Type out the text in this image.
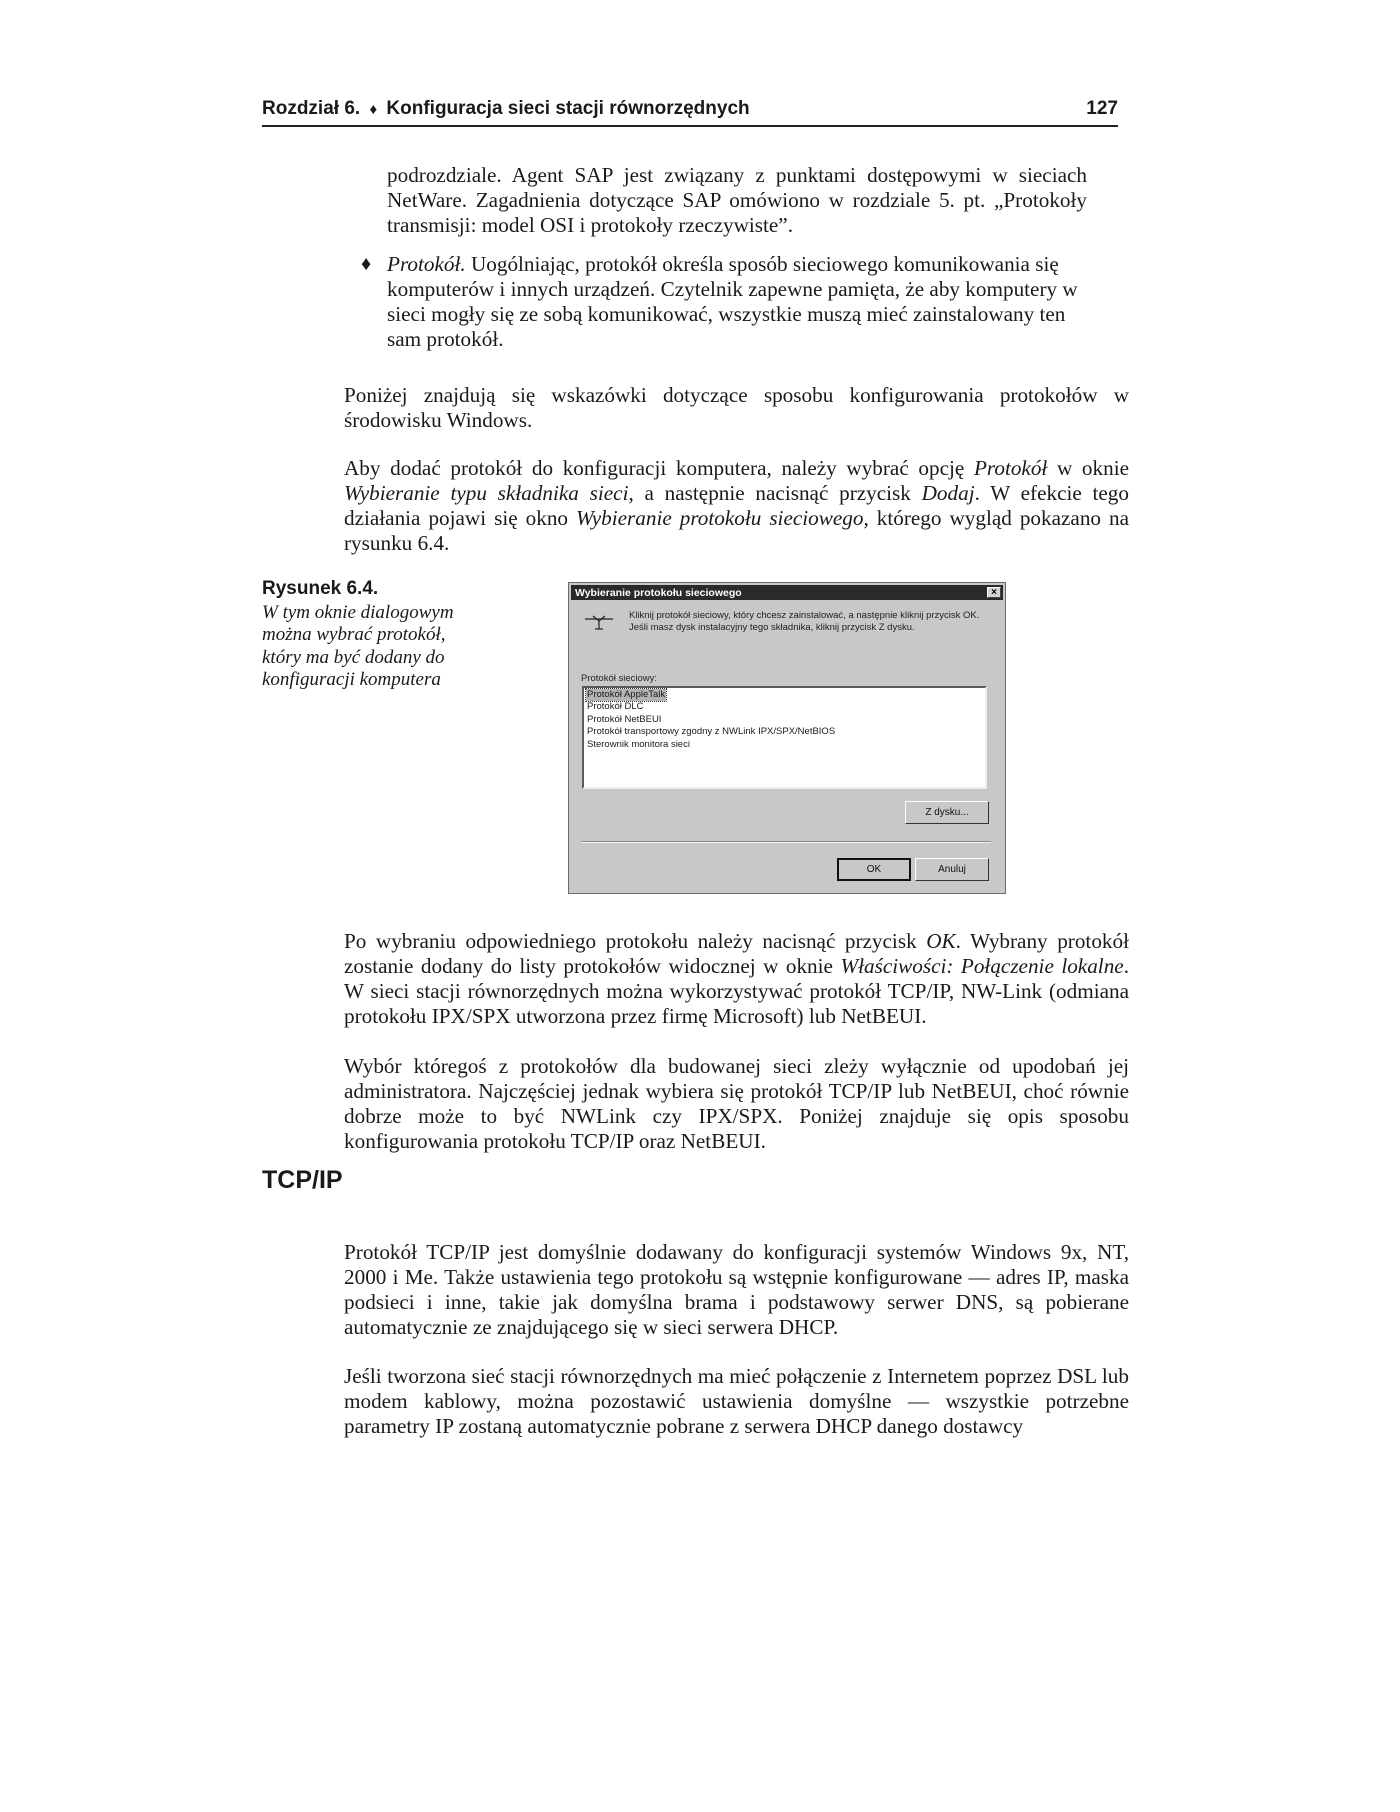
Rozdział 6. ♦ Konfiguracja sieci stacji równorzędnych	127

podrozdziale. Agent SAP jest związany z punktami dostępowymi w sieciach NetWare. Zagadnienia dotyczące SAP omówiono w rozdziale 5. pt. „Protokoły transmisji: model OSI i protokoły rzeczywiste”.

♦ Protokół. Uogólniając, protokół określa sposób sieciowego komunikowania się komputerów i innych urządzeń. Czytelnik zapewne pamięta, że aby komputery w sieci mogły się ze sobą komunikować, wszystkie muszą mieć zainstalowany ten sam protokół.

Poniżej znajdują się wskazówki dotyczące sposobu konfigurowania protokołów w środowisku Windows.

Aby dodać protokół do konfiguracji komputera, należy wybrać opcję Protokół w oknie Wybieranie typu składnika sieci, a następnie nacisnąć przycisk Dodaj. W efekcie tego działania pojawi się okno Wybieranie protokołu sieciowego, którego wygląd pokazano na rysunku 6.4.

Rysunek 6.4.
W tym oknie dialogowym można wybrać protokół, który ma być dodany do konfiguracji komputera
Wybieranie protokołu sieciowego	×
Kliknij protokół sieciowy, który chcesz zainstalować, a następnie kliknij przycisk OK. Jeśli masz dysk instalacyjny tego składnika, kliknij przycisk Z dysku.
Protokół sieciowy:
Protokół AppleTalk
Protokół DLC
Protokół NetBEUI
Protokół transportowy zgodny z NWLink IPX/SPX/NetBIOS
Sterownik monitora sieci
Z dysku...
OK	Anuluj

Po wybraniu odpowiedniego protokołu należy nacisnąć przycisk OK. Wybrany protokół zostanie dodany do listy protokołów widocznej w oknie Właściwości: Połączenie lokalne. W sieci stacji równorzędnych można wykorzystywać protokół TCP/IP, NW-Link (odmiana protokołu IPX/SPX utworzona przez firmę Microsoft) lub NetBEUI.

Wybór któregoś z protokołów dla budowanej sieci zleży wyłącznie od upodobań jej administratora. Najczęściej jednak wybiera się protokół TCP/IP lub NetBEUI, choć równie dobrze może to być NWLink czy IPX/SPX. Poniżej znajduje się opis sposobu konfigurowania protokołu TCP/IP oraz NetBEUI.

TCP/IP

Protokół TCP/IP jest domyślnie dodawany do konfiguracji systemów Windows 9x, NT, 2000 i Me. Także ustawienia tego protokołu są wstępnie konfigurowane — adres IP, maska podsieci i inne, takie jak domyślna brama i podstawowy serwer DNS, są pobierane automatycznie ze znajdującego się w sieci serwera DHCP.

Jeśli tworzona sieć stacji równorzędnych ma mieć połączenie z Internetem poprzez DSL lub modem kablowy, można pozostawić ustawienia domyślne — wszystkie potrzebne parametry IP zostaną automatycznie pobrane z serwera DHCP danego dostawcy
